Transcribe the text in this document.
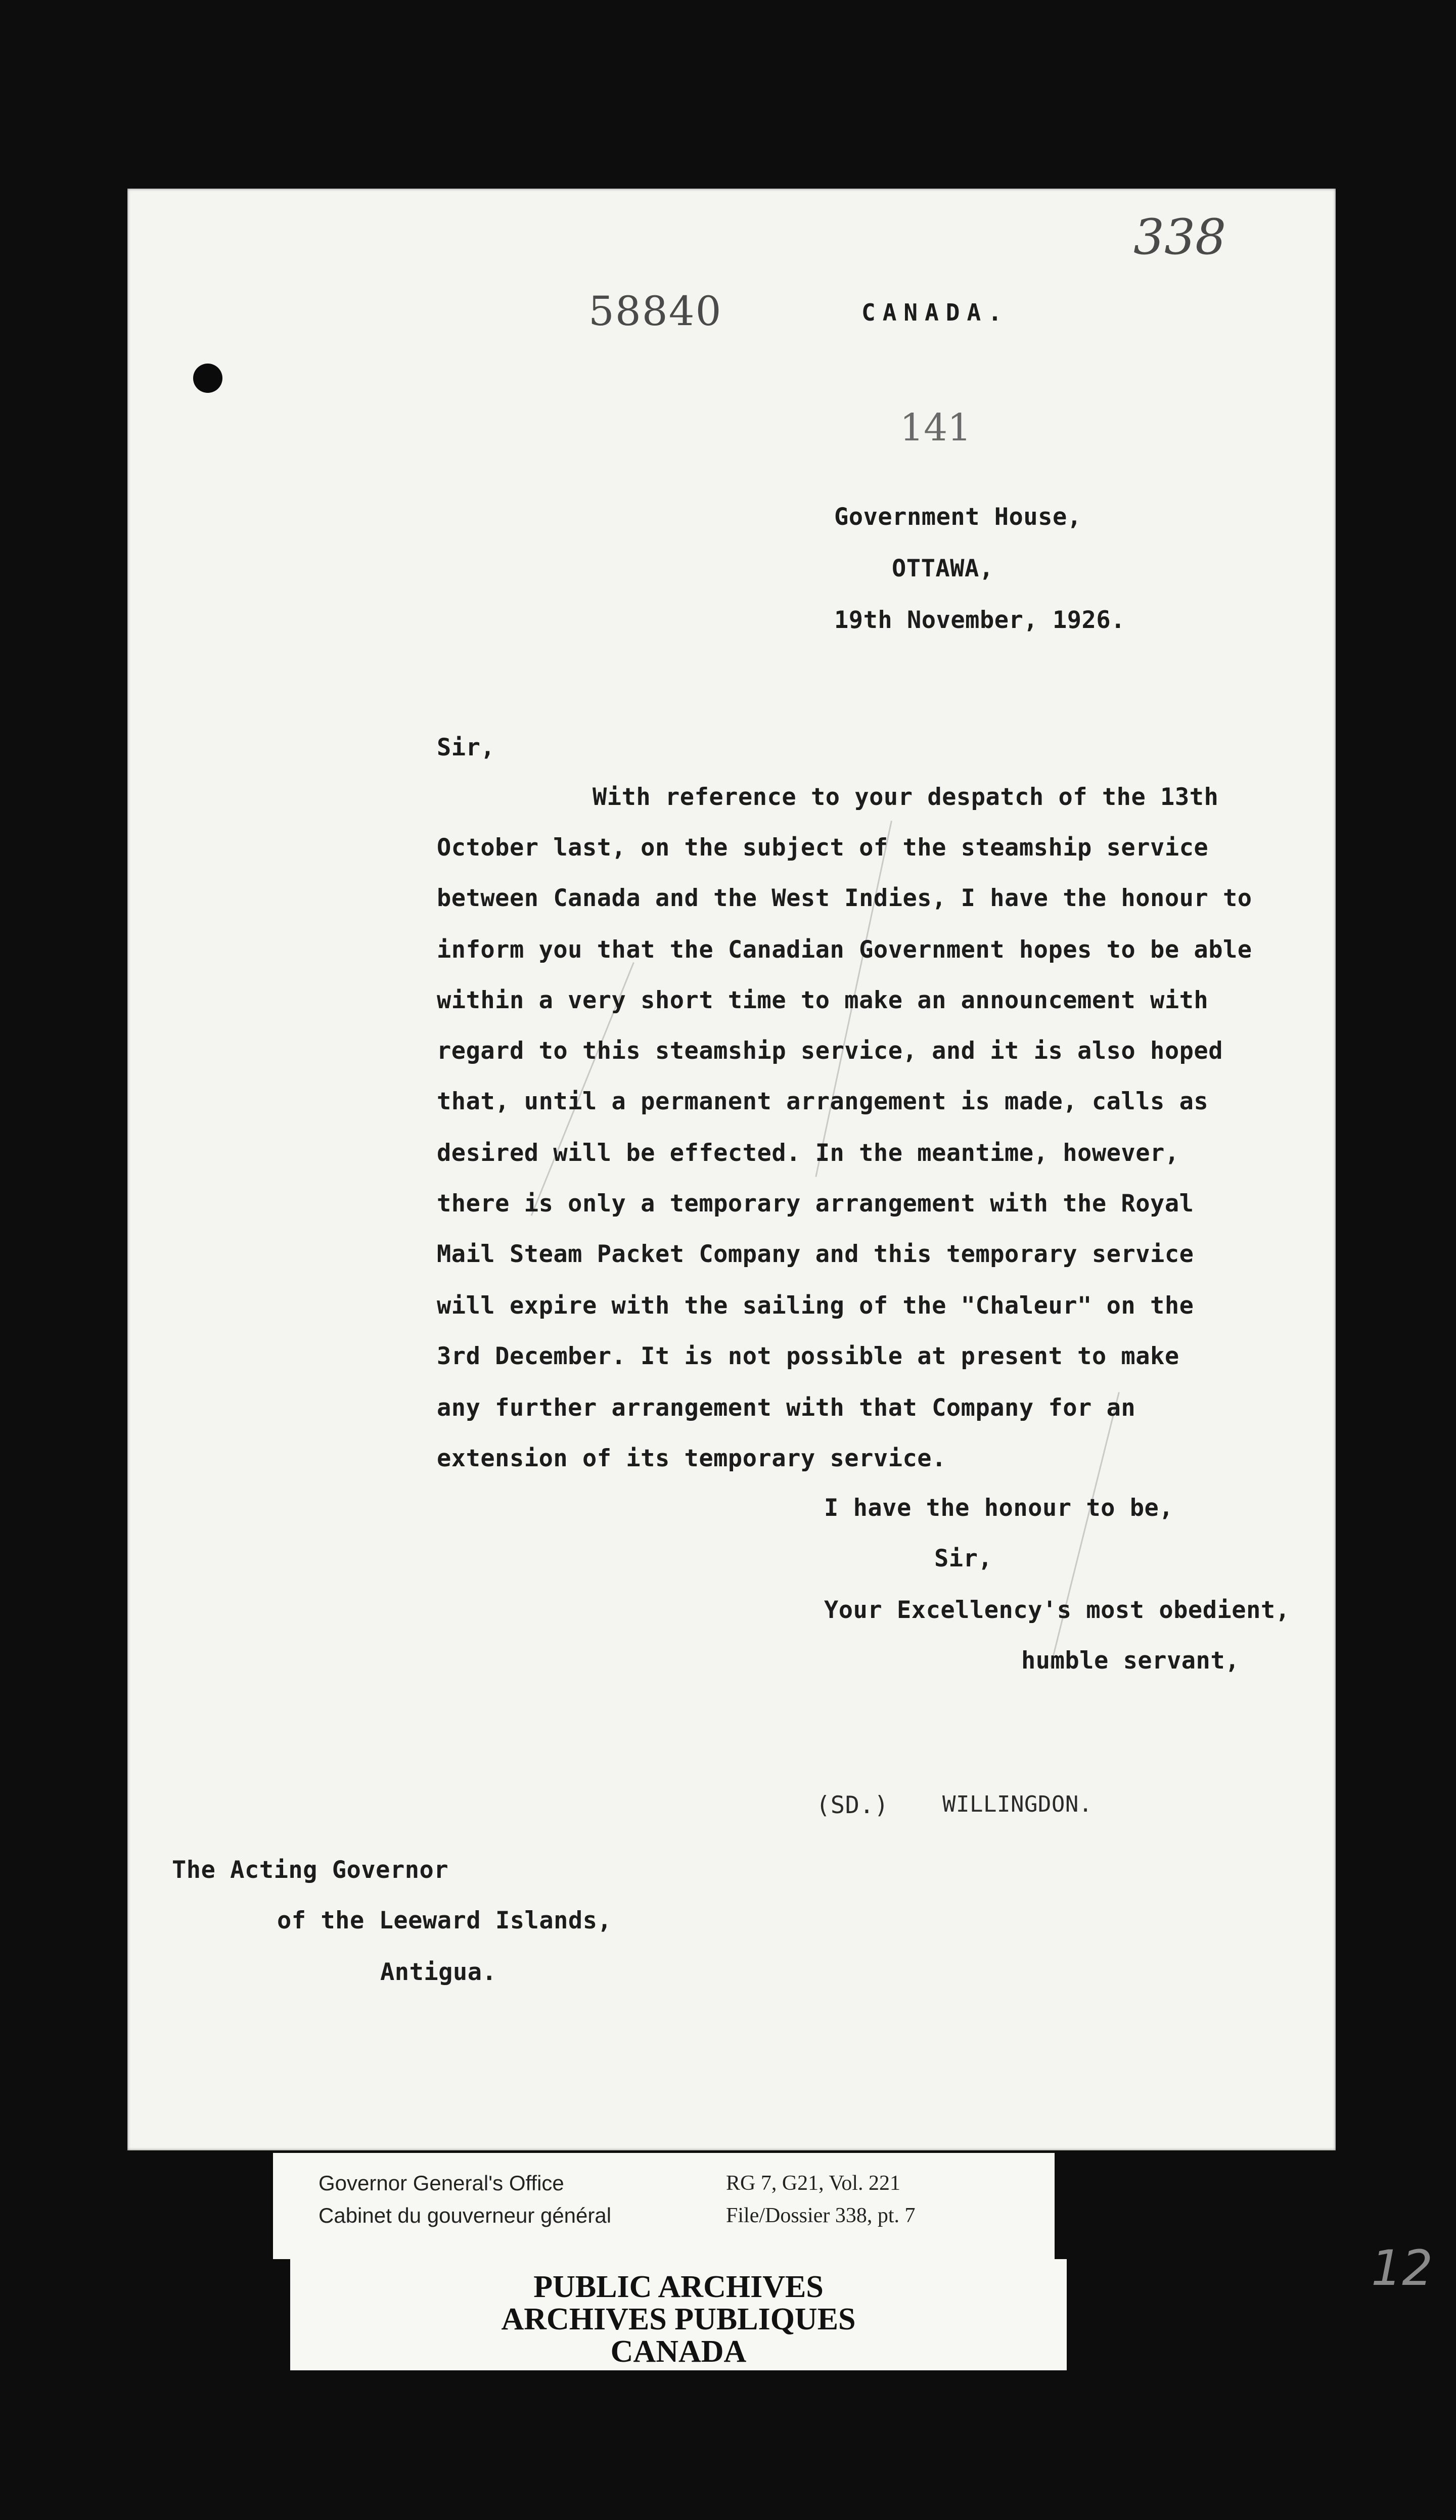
12
338
58840	CANADA.
141
Government House,
OTTAWA,
19th November, 1926.
Sir,
With reference to your despatch of the 13th
October last, on the subject of the steamship service
between Canada and the West Indies, I have the honour to
inform you that the Canadian Government hopes to be able
within a very short time to make an announcement with
regard to this steamship service, and it is also hoped
that, until a permanent arrangement is made, calls as
desired will be effected. In the meantime, however,
there is only a temporary arrangement with the Royal
Mail Steam Packet Company and this temporary service
will expire with the sailing of the "Chaleur" on the
3rd December. It is not possible at present to make
any further arrangement with that Company for an
extension of its temporary service.
I have the honour to be,
Sir,
Your Excellency's most obedient,
humble servant,
(SD.) WILLINGDON.
The Acting Governor
of the Leeward Islands,
Antigua.
Governor General's Office
Cabinet du gouverneur général
RG 7, G21, Vol. 221
File/Dossier 338, pt. 7
PUBLIC ARCHIVES
ARCHIVES PUBLIQUES
CANADA
